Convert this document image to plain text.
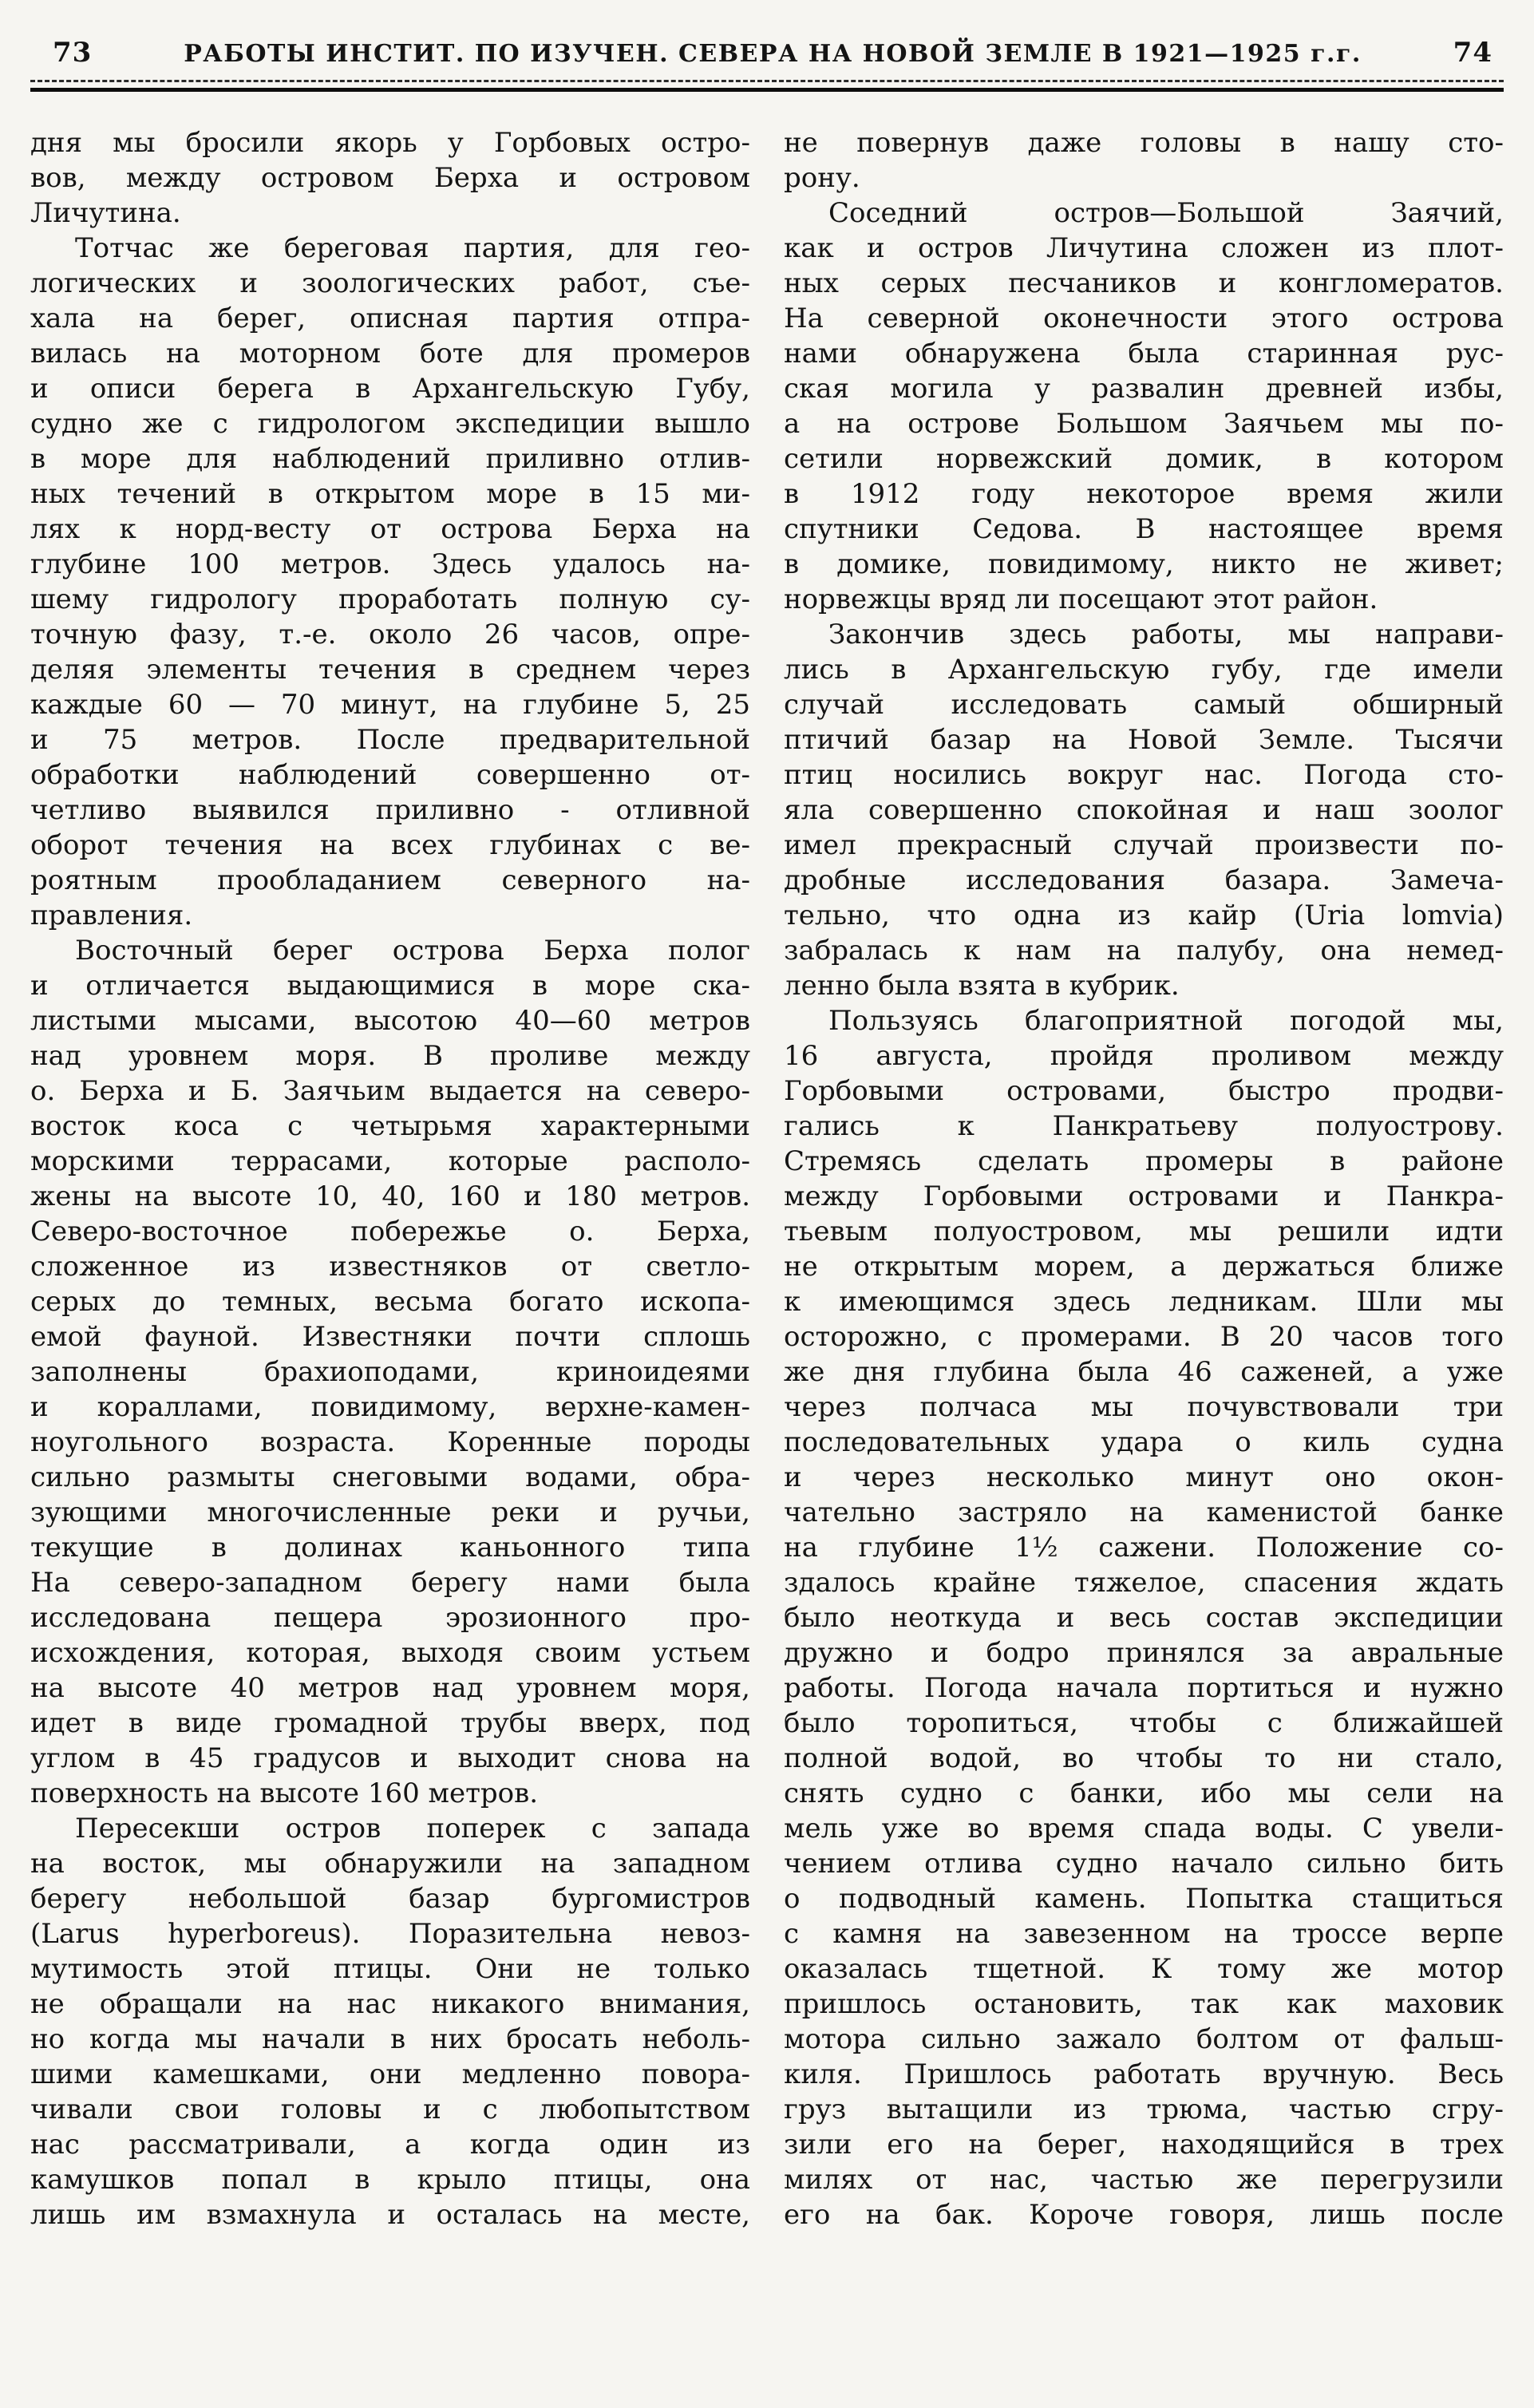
73	РАБОТЫ ИНСТИТ. ПО ИЗУЧЕН. СЕВЕРА НА НОВОЙ ЗЕМЛЕ В 1921—1925 г.г.	74
дня мы бросили якорь у Горбовых остро-
вов, между островом Берха и островом
Личутина.
Тотчас же береговая партия, для гео-
логических и зоологических работ, съе-
хала на берег, описная партия отпра-
вилась на моторном боте для промеров
и описи берега в Архангельскую Губу,
судно же с гидрологом экспедиции вышло
в море для наблюдений приливно отлив-
ных течений в открытом море в 15 ми-
лях к норд-весту от острова Берха на
глубине 100 метров. Здесь удалось на-
шему гидрологу проработать полную су-
точную фазу, т.-е. около 26 часов, опре-
деляя элементы течения в среднем через
каждые 60 — 70 минут, на глубине 5, 25
и 75 метров. После предварительной
обработки наблюдений совершенно от-
четливо выявился приливно - отливной
оборот течения на всех глубинах с ве-
роятным прообладанием северного на-
правления.
Восточный берег острова Берха полог
и отличается выдающимися в море ска-
листыми мысами, высотою 40—60 метров
над уровнем моря. В проливе между
о. Берха и Б. Заячьим выдается на северо-
восток коса с четырьмя характерными
морскими террасами, которые располо-
жены на высоте 10, 40, 160 и 180 метров.
Северо-восточное побережье о. Берха,
сложенное из известняков от светло-
серых до темных, весьма богато ископа-
емой фауной. Известняки почти сплошь
заполнены брахиоподами, криноидеями
и кораллами, повидимому, верхне-камен-
ноугольного возраста. Коренные породы
сильно размыты снеговыми водами, обра-
зующими многочисленные реки и ручьи,
текущие в долинах каньонного типа
На северо-западном берегу нами была
исследована пещера эрозионного про-
исхождения, которая, выходя своим устьем
на высоте 40 метров над уровнем моря,
идет в виде громадной трубы вверх, под
углом в 45 градусов и выходит снова на
поверхность на высоте 160 метров.
Пересекши остров поперек с запада
на восток, мы обнаружили на западном
берегу небольшой базар бургомистров
(Larus hyperboreus). Поразительна невоз-
мутимость этой птицы. Они не только
не обращали на нас никакого внимания,
но когда мы начали в них бросать неболь-
шими камешками, они медленно повора-
чивали свои головы и с любопытством
нас рассматривали, а когда один из
камушков попал в крыло птицы, она
лишь им взмахнула и осталась на месте,
не повернув даже головы в нашу сто-
рону.
Соседний остров—Большой Заячий,
как и остров Личутина сложен из плот-
ных серых песчаников и конгломератов.
На северной оконечности этого острова
нами обнаружена была старинная рус-
ская могила у развалин древней избы,
а на острове Большом Заячьем мы по-
сетили норвежский домик, в котором
в 1912 году некоторое время жили
спутники Седова. В настоящее время
в домике, повидимому, никто не живет;
норвежцы вряд ли посещают этот район.
Закончив здесь работы, мы направи-
лись в Архангельскую губу, где имели
случай исследовать самый обширный
птичий базар на Новой Земле. Тысячи
птиц носились вокруг нас. Погода сто-
яла совершенно спокойная и наш зоолог
имел прекрасный случай произвести по-
дробные исследования базара. Замеча-
тельно, что одна из кайр (Uria lomvia)
забралась к нам на палубу, она немед-
ленно была взята в кубрик.
Пользуясь благоприятной погодой мы,
16 августа, пройдя проливом между
Горбовыми островами, быстро продви-
гались к Панкратьеву полуострову.
Стремясь сделать промеры в районе
между Горбовыми островами и Панкра-
тьевым полуостровом, мы решили идти
не открытым морем, а держаться ближе
к имеющимся здесь ледникам. Шли мы
осторожно, с промерами. В 20 часов того
же дня глубина была 46 саженей, а уже
через полчаса мы почувствовали три
последовательных удара о киль судна
и через несколько минут оно окон-
чательно застряло на каменистой банке
на глубине 1½ сажени. Положение со-
здалось крайне тяжелое, спасения ждать
было неоткуда и весь состав экспедиции
дружно и бодро принялся за авральные
работы. Погода начала портиться и нужно
было торопиться, чтобы с ближайшей
полной водой, во чтобы то ни стало,
снять судно с банки, ибо мы сели на
мель уже во время спада воды. С увели-
чением отлива судно начало сильно бить
о подводный камень. Попытка стащиться
с камня на завезенном на троссе верпе
оказалась тщетной. К тому же мотор
пришлось остановить, так как маховик
мотора сильно зажало болтом от фальш-
киля. Пришлось работать вручную. Весь
груз вытащили из трюма, частью сгру-
зили его на берег, находящийся в трех
милях от нас, частью же перегрузили
его на бак. Короче говоря, лишь после
